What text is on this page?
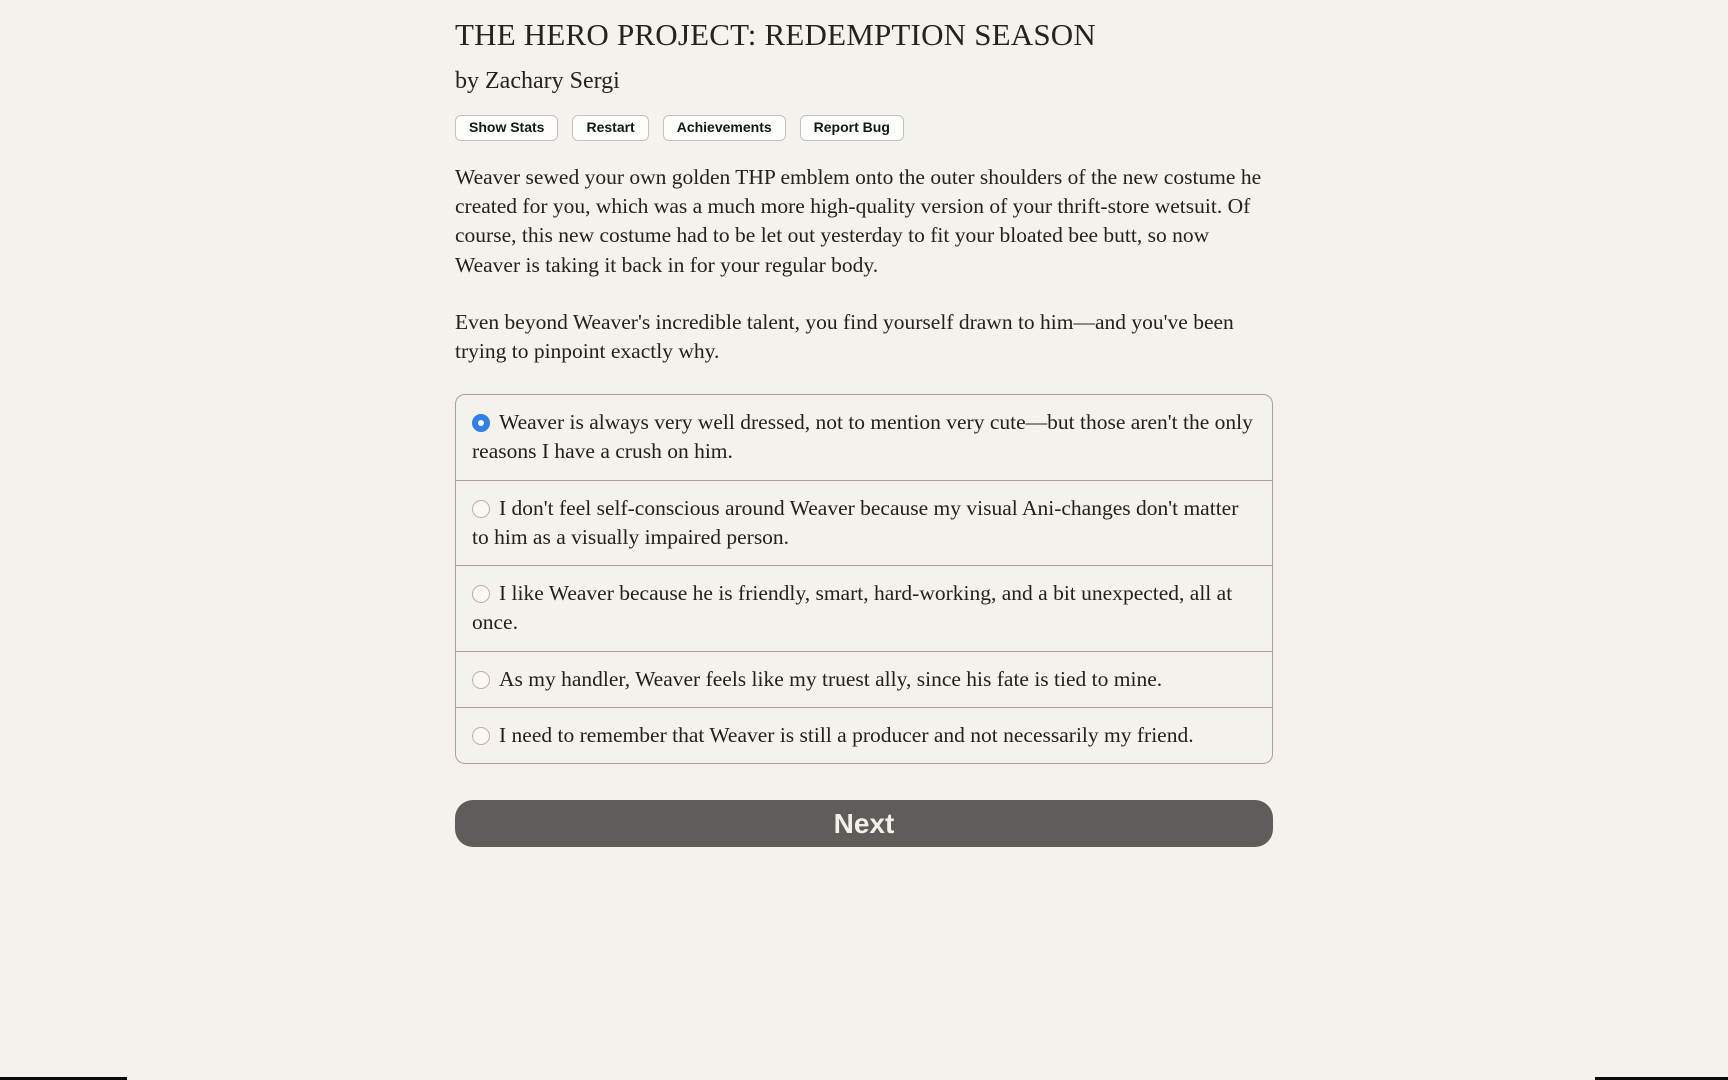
THE HERO PROJECT: REDEMPTION SEASON

by Zachary Sergi

Show Stats	Restart	Achievements	Report Bug

Weaver sewed your own golden THP emblem onto the outer shoulders of the new costume he created for you, which was a much more high-quality version of your thrift-store wetsuit. Of course, this new costume had to be let out yesterday to fit your bloated bee butt, so now Weaver is taking it back in for your regular body.

Even beyond Weaver's incredible talent, you find yourself drawn to him—and you've been trying to pinpoint exactly why.

Weaver is always very well dressed, not to mention very cute—but those aren't the only reasons I have a crush on him.
I don't feel self-conscious around Weaver because my visual Ani-changes don't matter to him as a visually impaired person.
I like Weaver because he is friendly, smart, hard-working, and a bit unexpected, all at once.
As my handler, Weaver feels like my truest ally, since his fate is tied to mine.
I need to remember that Weaver is still a producer and not necessarily my friend.
Next
